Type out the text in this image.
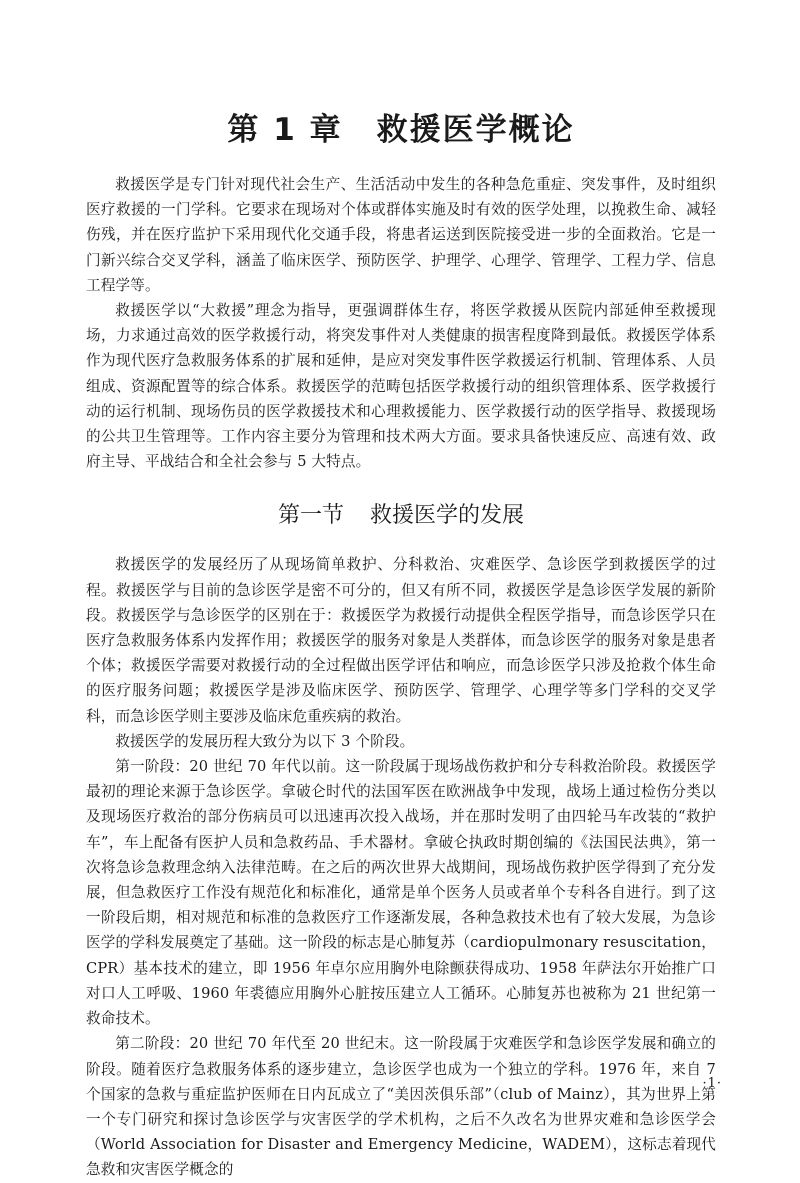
第 1 章 救援医学概论

救援医学是专门针对现代社会生产、生活活动中发生的各种急危重症、突发事件，及时组织医疗救援的一门学科。它要求在现场对个体或群体实施及时有效的医学处理，以挽救生命、减轻伤残，并在医疗监护下采用现代化交通手段，将患者运送到医院接受进一步的全面救治。它是一门新兴综合交叉学科，涵盖了临床医学、预防医学、护理学、心理学、管理学、工程力学、信息工程学等。

救援医学以“大救援”理念为指导，更强调群体生存，将医学救援从医院内部延伸至救援现场，力求通过高效的医学救援行动，将突发事件对人类健康的损害程度降到最低。救援医学体系作为现代医疗急救服务体系的扩展和延伸，是应对突发事件医学救援运行机制、管理体系、人员组成、资源配置等的综合体系。救援医学的范畴包括医学救援行动的组织管理体系、医学救援行动的运行机制、现场伤员的医学救援技术和心理救援能力、医学救援行动的医学指导、救援现场的公共卫生管理等。工作内容主要分为管理和技术两大方面。要求具备快速反应、高速有效、政府主导、平战结合和全社会参与 5 大特点。

第一节 救援医学的发展

救援医学的发展经历了从现场简单救护、分科救治、灾难医学、急诊医学到救援医学的过程。救援医学与目前的急诊医学是密不可分的，但又有所不同，救援医学是急诊医学发展的新阶段。救援医学与急诊医学的区别在于：救援医学为救援行动提供全程医学指导，而急诊医学只在医疗急救服务体系内发挥作用；救援医学的服务对象是人类群体，而急诊医学的服务对象是患者个体；救援医学需要对救援行动的全过程做出医学评估和响应，而急诊医学只涉及抢救个体生命的医疗服务问题；救援医学是涉及临床医学、预防医学、管理学、心理学等多门学科的交叉学科，而急诊医学则主要涉及临床危重疾病的救治。

救援医学的发展历程大致分为以下 3 个阶段。

第一阶段：20 世纪 70 年代以前。这一阶段属于现场战伤救护和分专科救治阶段。救援医学最初的理论来源于急诊医学。拿破仑时代的法国军医在欧洲战争中发现，战场上通过检伤分类以及现场医疗救治的部分伤病员可以迅速再次投入战场，并在那时发明了由四轮马车改装的“救护车”，车上配备有医护人员和急救药品、手术器材。拿破仑执政时期创编的《法国民法典》，第一次将急诊急救理念纳入法律范畴。在之后的两次世界大战期间，现场战伤救护医学得到了充分发展，但急救医疗工作没有规范化和标准化，通常是单个医务人员或者单个专科各自进行。到了这一阶段后期，相对规范和标准的急救医疗工作逐渐发展，各种急救技术也有了较大发展，为急诊医学的学科发展奠定了基础。这一阶段的标志是心肺复苏（cardiopulmonary resuscitation，CPR）基本技术的建立，即 1956 年卓尔应用胸外电除颤获得成功、1958 年萨法尔开始推广口对口人工呼吸、1960 年裘德应用胸外心脏按压建立人工循环。心肺复苏也被称为 21 世纪第一救命技术。

第二阶段：20 世纪 70 年代至 20 世纪末。这一阶段属于灾难医学和急诊医学发展和确立的阶段。随着医疗急救服务体系的逐步建立，急诊医学也成为一个独立的学科。1976 年，来自 7 个国家的急救与重症监护医师在日内瓦成立了“美因茨俱乐部”（club of Mainz），其为世界上第一个专门研究和探讨急诊医学与灾害医学的学术机构，之后不久改名为世界灾难和急诊医学会（World Association for Disaster and Emergency Medicine，WADEM），这标志着现代急救和灾害医学概念的

·1·
